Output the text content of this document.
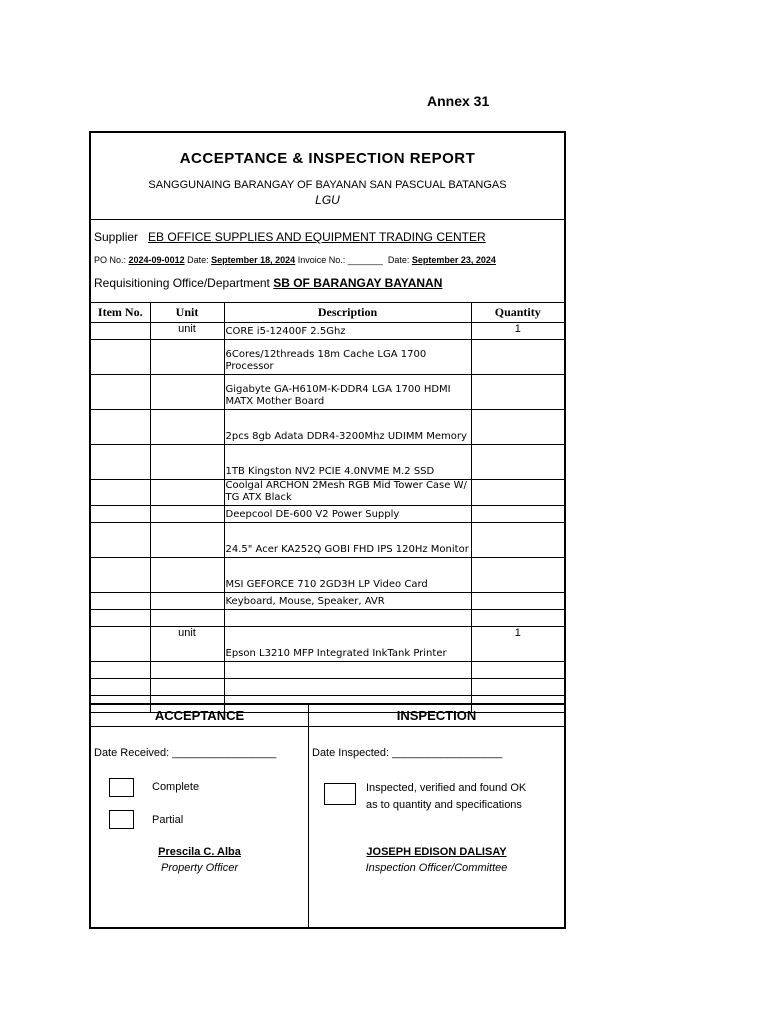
Annex 31
ACCEPTANCE & INSPECTION REPORT
SANGGUNAING BARANGAY OF BAYANAN SAN PASCUAL BATANGAS
LGU
Supplier EB OFFICE SUPPLIES AND EQUIPMENT TRADING CENTER
PO No.: 2024-09-0012 Date: September 18, 2024 Invoice No.: _______ Date: September 23, 2024
Requisitioning Office/Department SB OF BARANGAY BAYANAN
Item No.	Unit	Description	Quantity
	unit	CORE i5-12400F 2.5Ghz	1
		6Cores/12threads 18m Cache LGA 1700 Processor	
		Gigabyte GA-H610M-K-DDR4 LGA 1700 HDMI MATX Mother Board	
		2pcs 8gb Adata DDR4-3200Mhz UDIMM Memory	
		1TB Kingston NV2 PCIE 4.0NVME M.2 SSD	
		Coolgal ARCHON 2Mesh RGB Mid Tower Case W/ TG ATX Black	
		Deepcool DE-600 V2 Power Supply	
		24.5" Acer KA252Q GOBI FHD IPS 120Hz Monitor	
		MSI GEFORCE 710 2GD3H LP Video Card	
		Keyboard, Mouse, Speaker, AVR	

	unit	Epson L3210 MFP Integrated InkTank Printer	1

ACCEPTANCE
Date Received: _________________
Complete
Partial
Prescila C. Alba
Property Officer
INSPECTION
Date Inspected: __________________
Inspected, verified and found OK
as to quantity and specifications
JOSEPH EDISON DALISAY
Inspection Officer/Committee
